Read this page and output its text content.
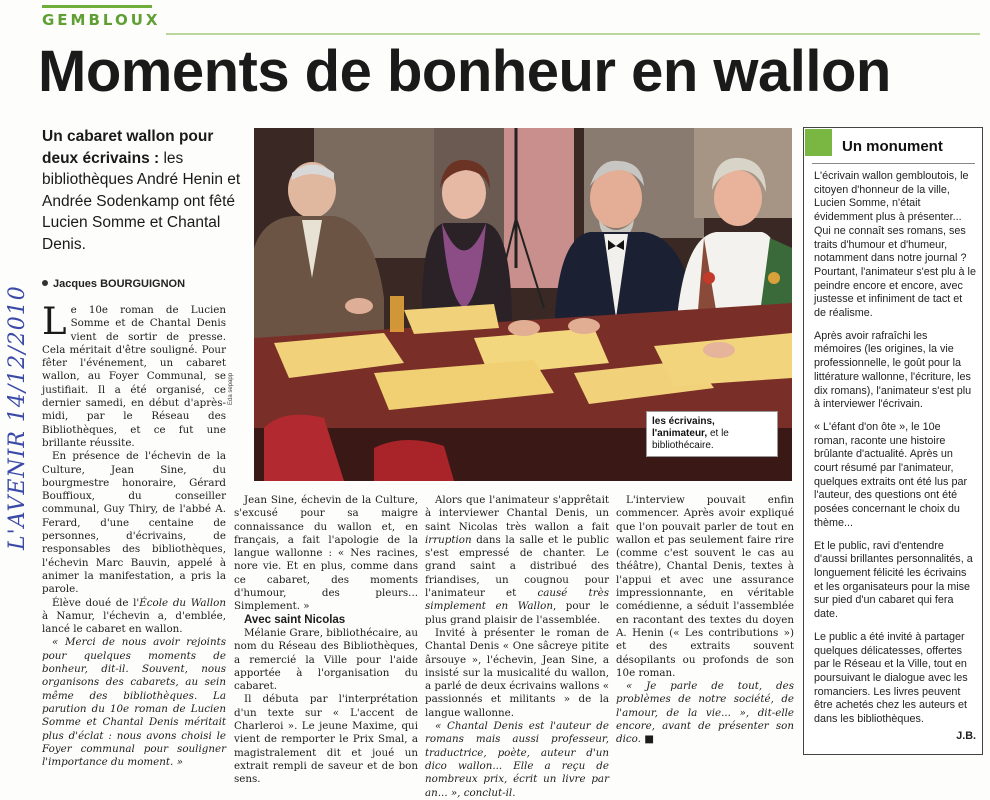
GEMBLOUX
Moments de bonheur en wallon
Un cabaret wallon pour deux écrivains : les bibliothèques André Henin et Andrée Sodenkamp ont fêté Lucien Somme et Chantal Denis.
Jacques BOURGUIGNON
Eda sepapp
les écrivains, l'animateur, et le bibliothécaire.
L'AVENIR 14/12/2010 Le 10e roman de Lucien Somme et de Chantal Denis vient de sortir de presse. Cela méritait d'être souligné. Pour fêter l'événement, un cabaret wallon, au Foyer Communal, se justifiait. Il a été organisé, ce dernier samedi, en début d'après-midi, par le Réseau des Bibliothèques, et ce fut une brillante réussite.

En présence de l'échevin de la Culture, Jean Sine, du bourgmestre honoraire, Gérard Bouffioux, du conseiller communal, Guy Thiry, de l'abbé A. Ferard, d'une centaine de personnes, d'écrivains, de responsables des bibliothèques, l'échevin Marc Bauvin, appelé à animer la manifestation, a pris la parole.

Élève doué de l'École du Wallon à Namur, l'échevin a, d'emblée, lancé le cabaret en wallon.

« Merci de nous avoir rejoints pour quelques moments de bonheur, dit-il. Souvent, nous organisons des cabarets, au sein même des bibliothèques. La parution du 10e roman de Lucien Somme et Chantal Denis méritait plus d'éclat : nous avons choisi le Foyer communal pour souligner l'importance du moment. »

Jean Sine, échevin de la Culture, s'excusé pour sa maigre connaissance du wallon et, en français, a fait l'apologie de la langue wallonne : « Nes racines, nore vie. Et en plus, comme dans ce cabaret, des moments d'humour, des pleurs... Simplement. »

Avec saint Nicolas

Mélanie Grare, bibliothécaire, au nom du Réseau des Bibliothèques, a remercié la Ville pour l'aide apportée à l'organisation du cabaret.

Il débuta par l'interprétation d'un texte sur « L'accent de Charleroi ». Le jeune Maxime, qui vient de remporter le Prix Smal, a magistralement dit et joué un extrait rempli de saveur et de bon sens.

Alors que l'animateur s'apprêtait à interviewer Chantal Denis, un saint Nicolas très wallon a fait irruption dans la salle et le public s'est empressé de chanter. Le grand saint a distribué des friandises, un cougnou pour l'animateur et causé très simplement en Wallon, pour le plus grand plaisir de l'assemblée.

Invité à présenter le roman de Chantal Denis « One sâcreye pitite ârsouye », l'échevin, Jean Sine, a insisté sur la musicalité du wallon, a parlé de deux écrivains wallons « passionnés et militants » de la langue wallonne.

« Chantal Denis est l'auteur de romans mais aussi professeur, traductrice, poète, auteur d'un dico wallon... Elle a reçu de nombreux prix, écrit un livre par an... », conclut-il.

L'interview pouvait enfin commencer. Après avoir expliqué que l'on pouvait parler de tout en wallon et pas seulement faire rire (comme c'est souvent le cas au théâtre), Chantal Denis, textes à l'appui et avec une assurance impressionnante, en véritable comédienne, a séduit l'assemblée en racontant des textes du doyen A. Henin (« Les contributions ») et des extraits souvent désopilants ou profonds de son 10e roman.

« Je parle de tout, des problèmes de notre société, de l'amour, de la vie... », dit-elle encore, avant de présenter son dico. ■

Un monument

L'écrivain wallon gembloutois, le citoyen d'honneur de la ville, Lucien Somme, n'était évidemment plus à présenter... Qui ne connaît ses romans, ses traits d'humour et d'humeur, notamment dans notre journal ? Pourtant, l'animateur s'est plu à le peindre encore et encore, avec justesse et infiniment de tact et de réalisme.

Après avoir rafraîchi les mémoires (les origines, la vie professionnelle, le goût pour la littérature wallonne, l'écriture, les dix romans), l'animateur s'est plu à interviewer l'écrivain.

« L'éfant d'on ôte », le 10e roman, raconte une histoire brûlante d'actualité. Après un court résumé par l'animateur, quelques extraits ont été lus par l'auteur, des questions ont été posées concernant le choix du thème...

Et le public, ravi d'entendre d'aussi brillantes personnalités, a longuement félicité les écrivains et les organisateurs pour la mise sur pied d'un cabaret qui fera date.

Le public a été invité à partager quelques délicatesses, offertes par le Réseau et la Ville, tout en poursuivant le dialogue avec les romanciers. Les livres peuvent être achetés chez les auteurs et dans les bibliothèques.

J.B.
